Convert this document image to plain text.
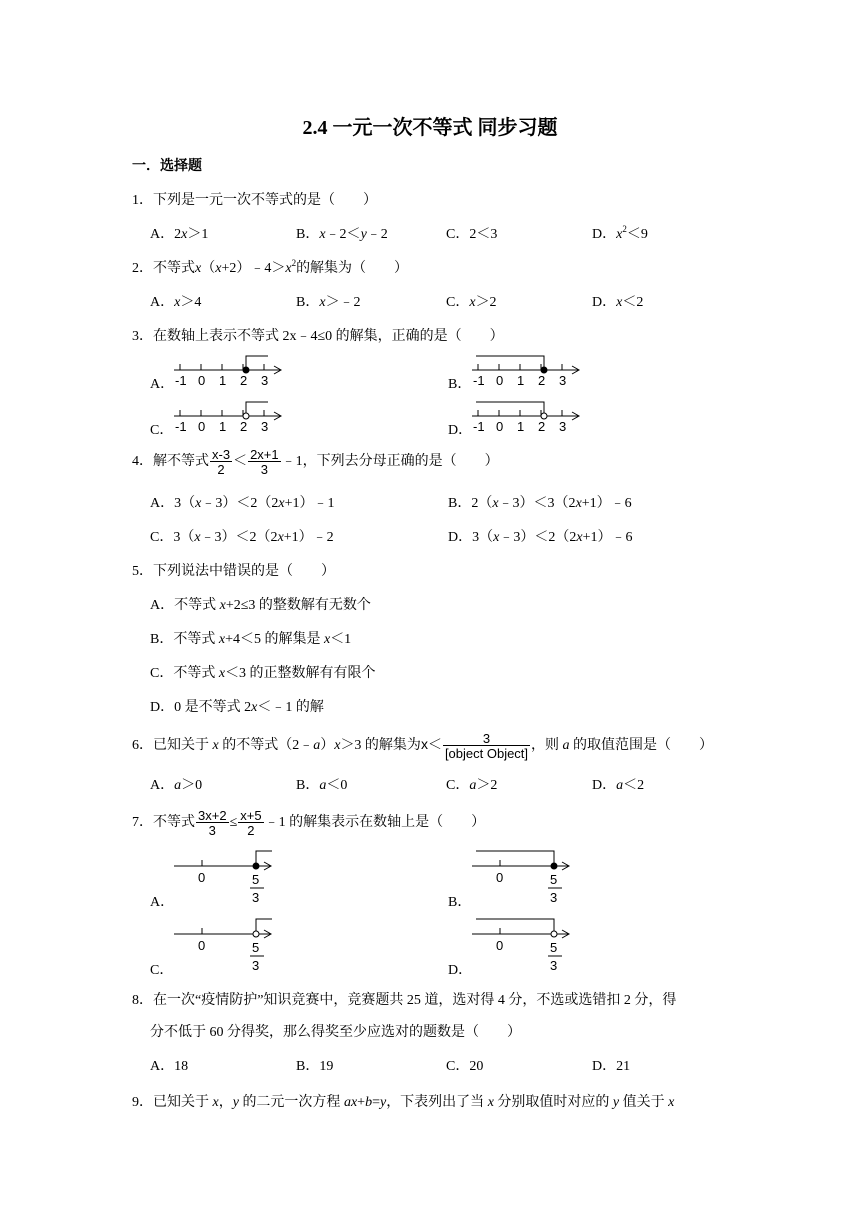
2.4 一元一次不等式 同步习题
一．选择题
1．下列是一元一次不等式的是（　　）
A．2x＞1	B．x﹣2＜y﹣2	C．2＜3	D．$x^2<9$
2．不等式$x(x+2)﹣4>x^2$的解集为（　　）
A．x＞4	B．x＞﹣2	C．x＞2	D．x＜2
3．在数轴上表示不等式 2x﹣4≤0 的解集，正确的是（　　）
A．	B．
C．	D．
-1 0 1 2 3	-1 0 1 2 3
-1 0 1 2 3	-1 0 1 2 3
4．解不等式 $\frac{x-3}{2} < \frac{2x+1}{3}$ ﹣1，下列去分母正确的是（　　）
A．3（x﹣3）＜2（2x+1）﹣1	B．2（x﹣3）＜3（2x+1）﹣6
C．3（x﹣3）＜2（2x+1）﹣2	D．3（x﹣3）＜2（2x+1）﹣6
5．下列说法中错误的是（　　）
A．不等式 x+2≤3 的整数解有无数个
B．不等式 x+4＜5 的解集是 x＜1
C．不等式 x＜3 的正整数解有有限个
D．0 是不等式 2x＜﹣1 的解
6．已知关于 x 的不等式（2﹣a）x＞3 的解集为$x< \frac{3}{\text{[object Object]}}$ ，则 a 的取值范围是（　　）
A．a＞0	B．a＜0	C．a＞2	D．a＜2
7．不等式 $\frac{3x+2}{3} \le \frac{x+5}{2}$ ﹣1 的解集表示在数轴上是（　　）
A．	B．
C．	D．
0	5
3
0	5
3
0	5
3
0	5
3
8．在一次“疫情防护”知识竞赛中，竞赛题共 25 道，选对得 4 分，不选或选错扣 2 分，得
分不低于 60 分得奖，那么得奖至少应选对的题数是（　　）
A．18	B．19	C．20	D．21
9．已知关于 x，y 的二元一次方程 ax+b=y，下表列出了当 x 分别取值时对应的 y 值关于 x
